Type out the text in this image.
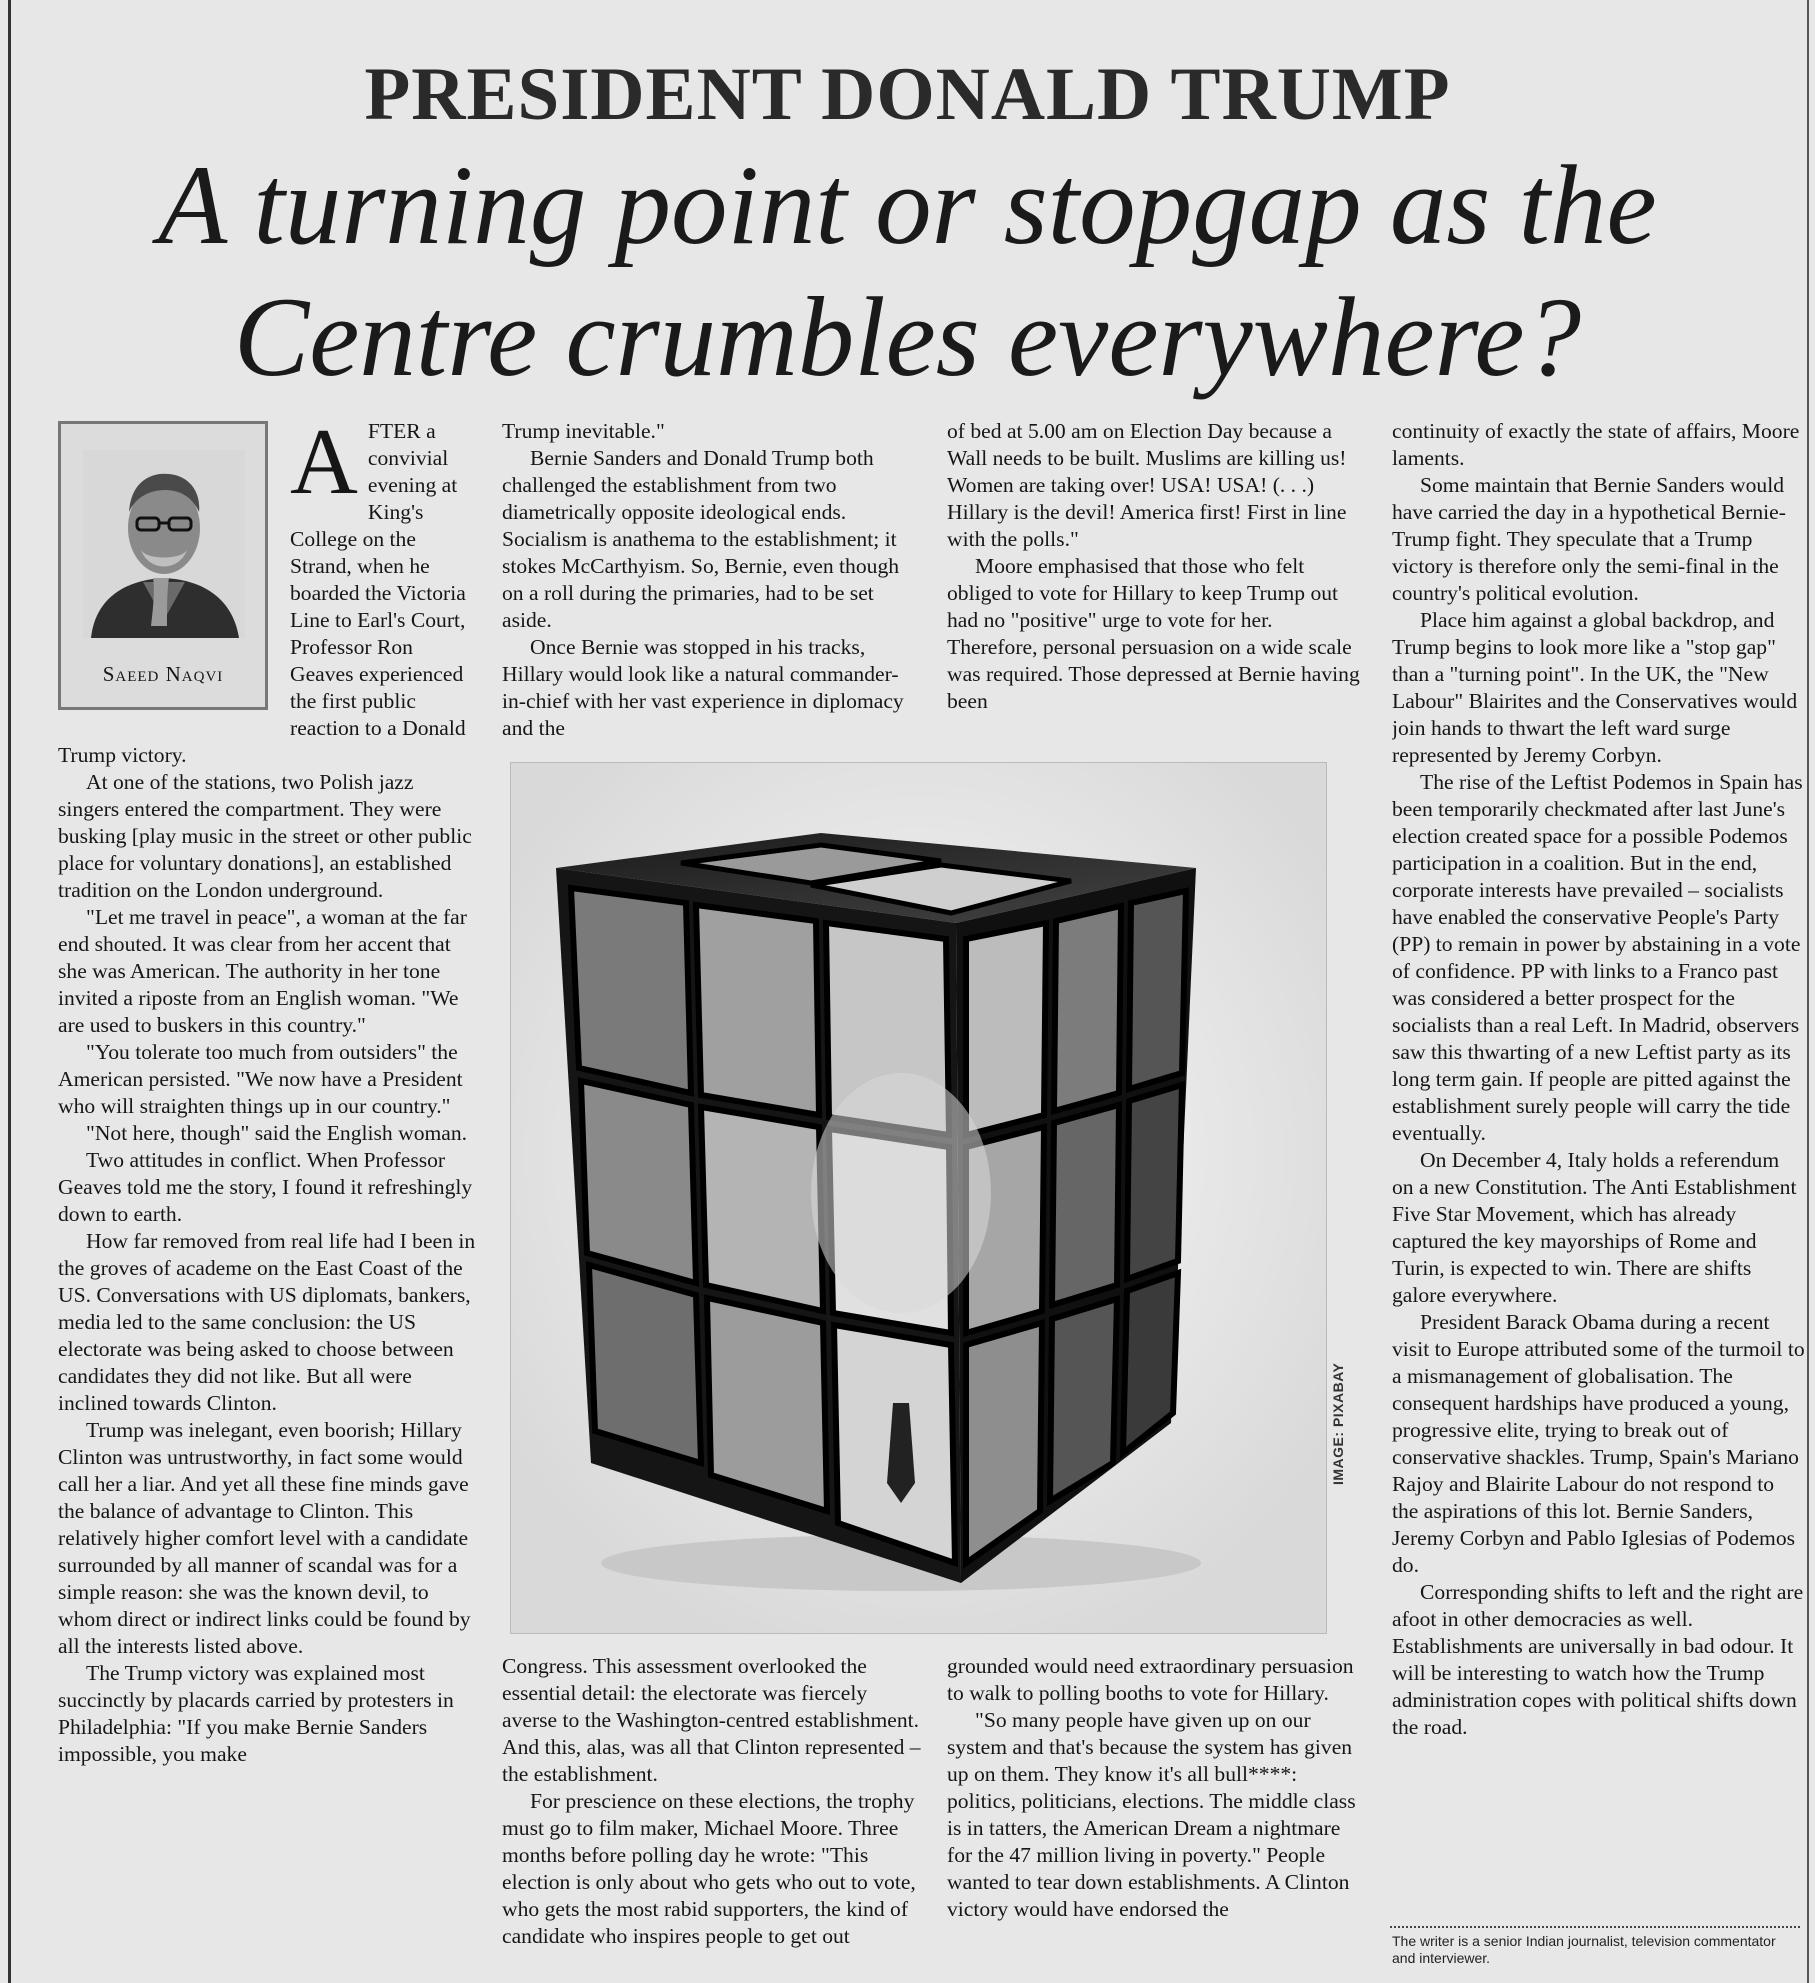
PRESIDENT DONALD TRUMP
A turning point or stopgap as the
Centre crumbles everywhere?
Saeed Naqvi

AFTER a convivial evening at King's College on the Strand, when he boarded the Victoria Line to Earl's Court, Professor Ron Geaves experienced the first public reaction to a Donald Trump victory.

At one of the stations, two Polish jazz singers entered the compartment. They were busking [play music in the street or other public place for voluntary donations], an established tradition on the London underground.

"Let me travel in peace", a woman at the far end shouted. It was clear from her accent that she was American. The authority in her tone invited a riposte from an English woman. "We are used to buskers in this country."

"You tolerate too much from outsiders" the American persisted. "We now have a President who will straighten things up in our country."

"Not here, though" said the English woman.

Two attitudes in conflict. When Professor Geaves told me the story, I found it refreshingly down to earth.

How far removed from real life had I been in the groves of academe on the East Coast of the US. Conversations with US diplomats, bankers, media led to the same conclusion: the US electorate was being asked to choose between candidates they did not like. But all were inclined towards Clinton.

Trump was inelegant, even boorish; Hillary Clinton was untrustworthy, in fact some would call her a liar. And yet all these fine minds gave the balance of advantage to Clinton. This relatively higher comfort level with a candidate surrounded by all manner of scandal was for a simple reason: she was the known devil, to whom direct or indirect links could be found by all the interests listed above.

The Trump victory was explained most succinctly by placards carried by protesters in Philadelphia: "If you make Bernie Sanders impossible, you make

Trump inevitable."

Bernie Sanders and Donald Trump both challenged the establishment from two diametrically opposite ideological ends. Socialism is anathema to the establishment; it stokes McCarthyism. So, Bernie, even though on a roll during the primaries, had to be set aside.

Once Bernie was stopped in his tracks, Hillary would look like a natural commander-in-chief with her vast experience in diplomacy and the

of bed at 5.00 am on Election Day because a Wall needs to be built. Muslims are killing us! Women are taking over! USA! USA! (. . .) Hillary is the devil! America first! First in line with the polls."

Moore emphasised that those who felt obliged to vote for Hillary to keep Trump out had no "positive" urge to vote for her. Therefore, personal persuasion on a wide scale was required. Those depressed at Bernie having been

IMAGE: PIXABAY

Congress. This assessment overlooked the essential detail: the electorate was fiercely averse to the Washington-centred establishment. And this, alas, was all that Clinton represented – the establishment.

For prescience on these elections, the trophy must go to film maker, Michael Moore. Three months before polling day he wrote: "This election is only about who gets who out to vote, who gets the most rabid supporters, the kind of candidate who inspires people to get out

grounded would need extraordinary persuasion to walk to polling booths to vote for Hillary.

"So many people have given up on our system and that's because the system has given up on them. They know it's all bull****: politics, politicians, elections. The middle class is in tatters, the American Dream a nightmare for the 47 million living in poverty." People wanted to tear down establishments. A Clinton victory would have endorsed the

continuity of exactly the state of affairs, Moore laments.

Some maintain that Bernie Sanders would have carried the day in a hypothetical Bernie-Trump fight. They speculate that a Trump victory is therefore only the semi-final in the country's political evolution.

Place him against a global backdrop, and Trump begins to look more like a "stop gap" than a "turning point". In the UK, the "New Labour" Blairites and the Conservatives would join hands to thwart the left ward surge represented by Jeremy Corbyn.

The rise of the Leftist Podemos in Spain has been temporarily checkmated after last June's election created space for a possible Podemos participation in a coalition. But in the end, corporate interests have prevailed – socialists have enabled the conservative People's Party (PP) to remain in power by abstaining in a vote of confidence. PP with links to a Franco past was considered a better prospect for the socialists than a real Left. In Madrid, observers saw this thwarting of a new Leftist party as its long term gain. If people are pitted against the establishment surely people will carry the tide eventually.

On December 4, Italy holds a referendum on a new Constitution. The Anti Establishment Five Star Movement, which has already captured the key mayorships of Rome and Turin, is expected to win. There are shifts galore everywhere.

President Barack Obama during a recent visit to Europe attributed some of the turmoil to a mismanagement of globalisation. The consequent hardships have produced a young, progressive elite, trying to break out of conservative shackles. Trump, Spain's Mariano Rajoy and Blairite Labour do not respond to the aspirations of this lot. Bernie Sanders, Jeremy Corbyn and Pablo Iglesias of Podemos do.

Corresponding shifts to left and the right are afoot in other democracies as well. Establishments are universally in bad odour. It will be interesting to watch how the Trump administration copes with political shifts down the road.

The writer is a senior Indian journalist, television commentator and interviewer.
